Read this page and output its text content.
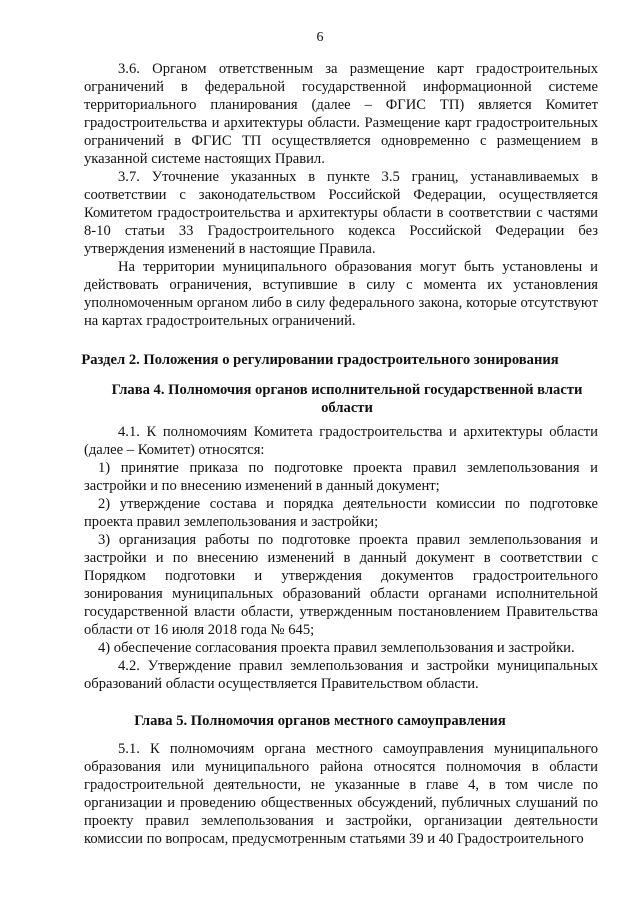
6

3.6. Органом ответственным за размещение карт градостроительных ограничений в федеральной государственной информационной системе территориального планирования (далее – ФГИС ТП) является Комитет градостроительства и архитектуры области. Размещение карт градостроительных ограничений в ФГИС ТП осуществляется одновременно с размещением в указанной системе настоящих Правил.

3.7. Уточнение указанных в пункте 3.5 границ, устанавливаемых в соответствии с законодательством Российской Федерации, осуществляется Комитетом градостроительства и архитектуры области в соответствии с частями 8-10 статьи 33 Градостроительного кодекса Российской Федерации без утверждения изменений в настоящие Правила.

На территории муниципального образования могут быть установлены и действовать ограничения, вступившие в силу с момента их установления уполномоченным органом либо в силу федерального закона, которые отсутствуют на картах градостроительных ограничений.

Раздел 2. Положения о регулировании градостроительного зонирования
Глава 4. Полномочия органов исполнительной государственной власти области

4.1. К полномочиям Комитета градостроительства и архитектуры области (далее – Комитет) относятся:

1) принятие приказа по подготовке проекта правил землепользования и застройки и по внесению изменений в данный документ;

2) утверждение состава и порядка деятельности комиссии по подготовке проекта правил землепользования и застройки;

3) организация работы по подготовке проекта правил землепользования и застройки и по внесению изменений в данный документ в соответствии с Порядком подготовки и утверждения документов градостроительного зонирования муниципальных образований области органами исполнительной государственной власти области, утвержденным постановлением Правительства области от 16 июля 2018 года № 645;

4) обеспечение согласования проекта правил землепользования и застройки.

4.2. Утверждение правил землепользования и застройки муниципальных образований области осуществляется Правительством области.

Глава 5. Полномочия органов местного самоуправления

5.1. К полномочиям органа местного самоуправления муниципального образования или муниципального района относятся полномочия в области градостроительной деятельности, не указанные в главе 4, в том числе по организации и проведению общественных обсуждений, публичных слушаний по проекту правил землепользования и застройки, организации деятельности комиссии по вопросам, предусмотренным статьями 39 и 40 Градостроительного
